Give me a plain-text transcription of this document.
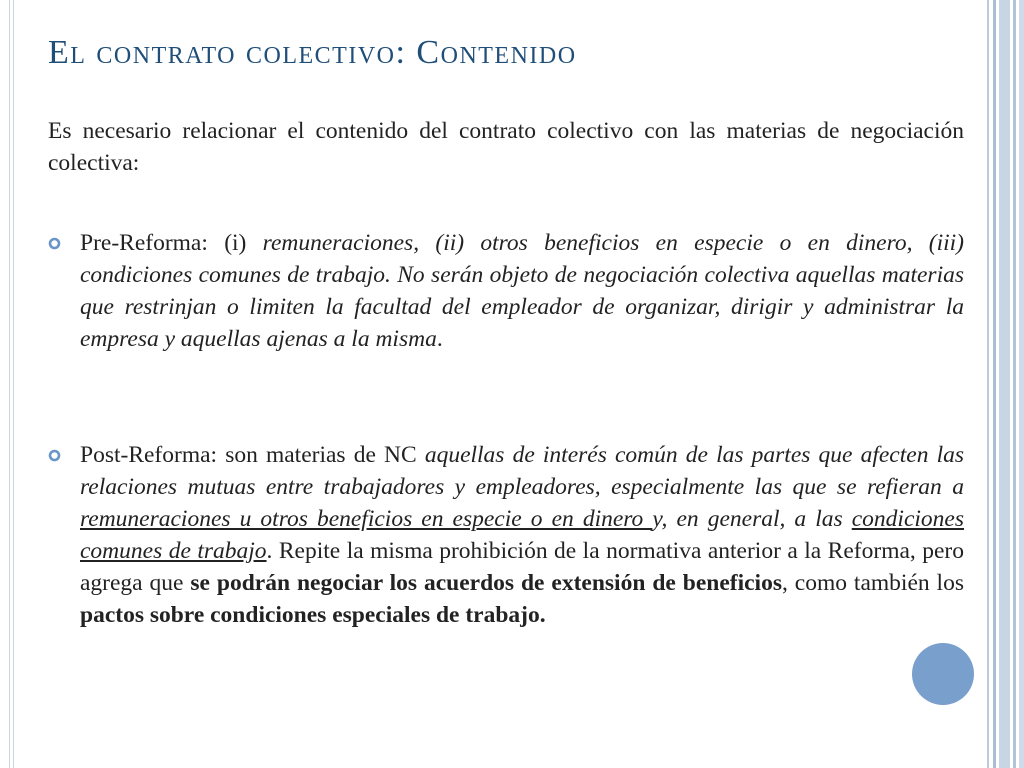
El contrato colectivo: Contenido

Es necesario relacionar el contenido del contrato colectivo con las materias de negociación colectiva:

Pre-Reforma: (i) remuneraciones, (ii) otros beneficios en especie o en dinero, (iii) condiciones comunes de trabajo. No serán objeto de negociación colectiva aquellas materias que restrinjan o limiten la facultad del empleador de organizar, dirigir y administrar la empresa y aquellas ajenas a la misma.

Post-Reforma: son materias de NC aquellas de interés común de las partes que afecten las relaciones mutuas entre trabajadores y empleadores, especialmente las que se refieran a remuneraciones u otros beneficios en especie o en dinero y, en general, a las condiciones comunes de trabajo. Repite la misma prohibición de la normativa anterior a la Reforma, pero agrega que se podrán negociar los acuerdos de extensión de beneficios, como también los pactos sobre condiciones especiales de trabajo.
